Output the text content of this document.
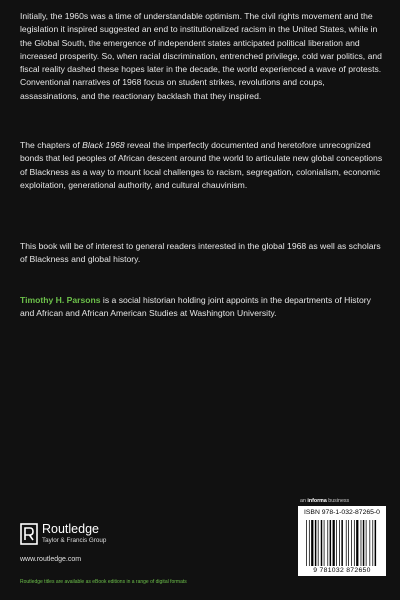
Initially, the 1960s was a time of understandable optimism. The civil rights movement and the legislation it inspired suggested an end to institutionalized racism in the United States, while in the Global South, the emergence of independent states anticipated political liberation and increased prosperity. So, when racial discrimination, entrenched privilege, cold war politics, and fiscal reality dashed these hopes later in the decade, the world experienced a wave of protests. Conventional narratives of 1968 focus on student strikes, revolutions and coups, assassinations, and the reactionary backlash that they inspired.

The chapters of Black 1968 reveal the imperfectly documented and heretofore unrecognized bonds that led peoples of African descent around the world to articulate new global conceptions of Blackness as a way to mount local challenges to racism, segregation, colonialism, economic exploitation, generational authority, and cultural chauvinism.

This book will be of interest to general readers interested in the global 1968 as well as scholars of Blackness and global history.

Timothy H. Parsons is a social historian holding joint appoints in the departments of History and African and African American Studies at Washington University.

Routledge
Taylor & Francis Group
www.routledge.com
Routledge titles are available as eBook editions in a range of digital formats
an informa business
ISBN 978-1-032-87265-0
9 781032 872650
